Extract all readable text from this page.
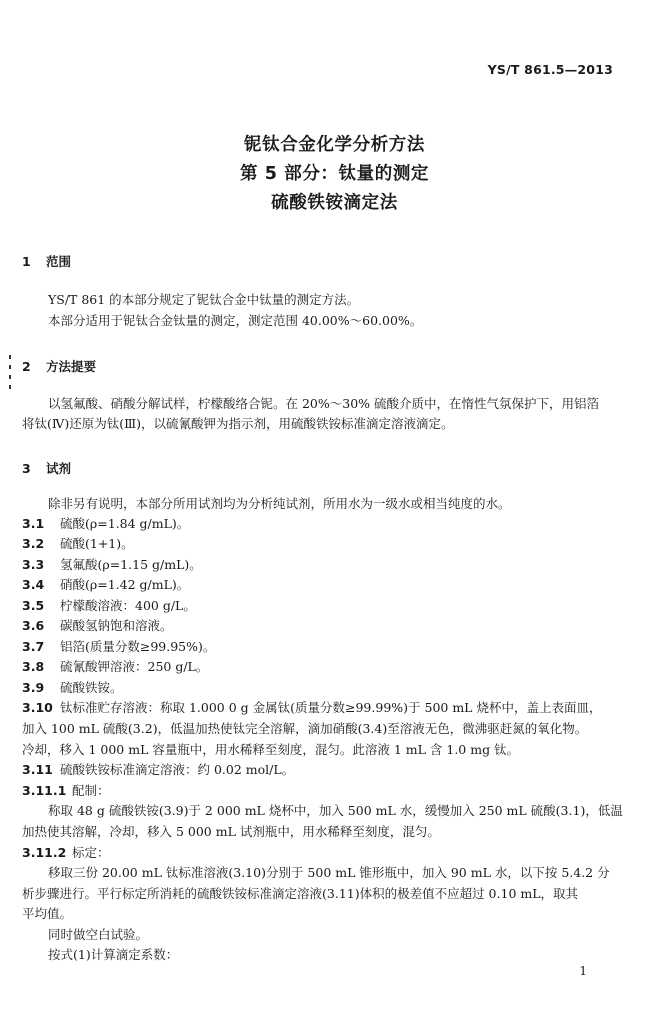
YS/T 861.5—2013
铌钛合金化学分析方法
第 5 部分：钛量的测定
硫酸铁铵滴定法
1 范围
YS/T 861 的本部分规定了铌钛合金中钛量的测定方法。
本部分适用于铌钛合金钛量的测定，测定范围 40.00%～60.00%。
2 方法提要
以氢氟酸、硝酸分解试样，柠檬酸络合铌。在 20%～30% 硫酸介质中，在惰性气氛保护下，用铝箔
将钛(Ⅳ)还原为钛(Ⅲ)，以硫氰酸钾为指示剂，用硫酸铁铵标准滴定溶液滴定。
3 试剂
除非另有说明，本部分所用试剂均为分析纯试剂，所用水为一级水或相当纯度的水。
3.1 硫酸(ρ=1.84 g/mL)。
3.2 硫酸(1+1)。
3.3 氢氟酸(ρ=1.15 g/mL)。
3.4 硝酸(ρ=1.42 g/mL)。
3.5 柠檬酸溶液：400 g/L。
3.6 碳酸氢钠饱和溶液。
3.7 铝箔(质量分数≥99.95%)。
3.8 硫氰酸钾溶液：250 g/L。
3.9 硫酸铁铵。
3.10 钛标准贮存溶液：称取 1.000 0 g 金属钛(质量分数≥99.99%)于 500 mL 烧杯中，盖上表面皿，
加入 100 mL 硫酸(3.2)，低温加热使钛完全溶解，滴加硝酸(3.4)至溶液无色，微沸驱赶氮的氧化物。
冷却，移入 1 000 mL 容量瓶中，用水稀释至刻度，混匀。此溶液 1 mL 含 1.0 mg 钛。
3.11 硫酸铁铵标准滴定溶液：约 0.02 mol/L。
3.11.1 配制：
称取 48 g 硫酸铁铵(3.9)于 2 000 mL 烧杯中，加入 500 mL 水，缓慢加入 250 mL 硫酸(3.1)，低温
加热使其溶解，冷却，移入 5 000 mL 试剂瓶中，用水稀释至刻度，混匀。
3.11.2 标定：
移取三份 20.00 mL 钛标准溶液(3.10)分别于 500 mL 锥形瓶中，加入 90 mL 水，以下按 5.4.2 分
析步骤进行。平行标定所消耗的硫酸铁铵标准滴定溶液(3.11)体积的极差值不应超过 0.10 mL，取其
平均值。
同时做空白试验。
按式(1)计算滴定系数：
1
